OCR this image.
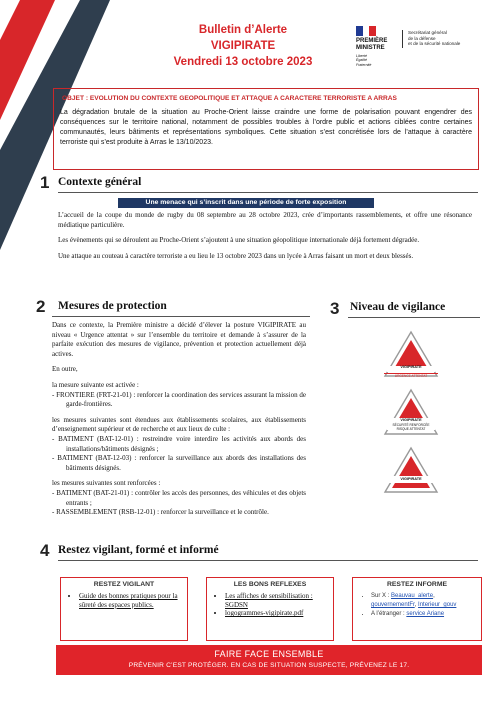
Bulletin d’Alerte
VIGIPIRATE
Vendredi 13 octobre 2023
PREMIÈRE
MINISTRE
Liberté
Égalité
Fraternité
Secrétariat général
de la défense
et de la sécurité nationale
OBJET : EVOLUTION DU CONTEXTE GEOPOLITIQUE ET ATTAQUE A CARACTERE TERRORISTE A ARRAS
La dégradation brutale de la situation au Proche-Orient laisse craindre une forme de polarisation pouvant engendrer des conséquences sur le territoire national, notamment de possibles troubles à l’ordre public et actions ciblées contre certaines communautés, leurs bâtiments et représentations symboliques. Cette situation s’est concrétisée lors de l’attaque à caractère terroriste qui s’est produite à Arras le 13/10/2023.
1 Contexte général
Une menace qui s’inscrit dans une période de forte exposition

L’accueil de la coupe du monde de rugby du 08 septembre au 28 octobre 2023, crée d’importants rassemblements, et offre une résonance médiatique particulière.

Les évènements qui se déroulent au Proche-Orient s’ajoutent à une situation géopolitique internationale déjà fortement dégradée.

Une attaque au couteau à caractère terroriste a eu lieu le 13 octobre 2023 dans un lycée à Arras faisant un mort et deux blessés.

2 Mesures de protection

Dans ce contexte, la Première ministre a décidé d’élever la posture VIGIPIRATE au niveau « Urgence attentat » sur l’ensemble du territoire et demande à s’assurer de la parfaite exécution des mesures de vigilance, prévention et protection actuellement déjà actives.

En outre,

la mesure suivante est activée :
- FRONTIERE (FRT-21-01) : renforcer la coordination des services assurant la mission de garde-frontières.
les mesures suivantes sont étendues aux établissements scolaires, aux établissements d’enseignement supérieur et de recherche et aux lieux de culte :
- BATIMENT (BAT-12-01) : restreindre voire interdire les activités aux abords des installations/bâtiments désignés ;
- BATIMENT (BAT-12-03) : renforcer la surveillance aux abords des installations des bâtiments désignés.
les mesures suivantes sont renforcées :
- BATIMENT (BAT-21-01) : contrôler les accès des personnes, des véhicules et des objets entrants ;
- RASSEMBLEMENT (RSB-12-01) : renforcer la surveillance et le contrôle.
3 Niveau de vigilance
VIGIPIRATE
URGENCE ATTENTAT
VIGIPIRATE
SÉCURITÉ RENFORCÉE RISQUE ATTENTAT
VIGIPIRATE
4 Restez vigilant, formé et informé
RESTEZ VIGILANT
• Guide des bonnes pratiques pour la sûreté des espaces publics.
LES BONS REFLEXES
• Les affiches de sensibilisation : SGDSN
• logogrammes-vigipirate.pdf
RESTEZ INFORME
• Sur X : Beauvau_alerte, gouvernementFr, Interieur_gouv
• A l’étranger : service Ariane
FAIRE FACE ENSEMBLE
PRÉVENIR C’EST PROTÉGER. EN CAS DE SITUATION SUSPECTE, PRÉVENEZ LE 17.
